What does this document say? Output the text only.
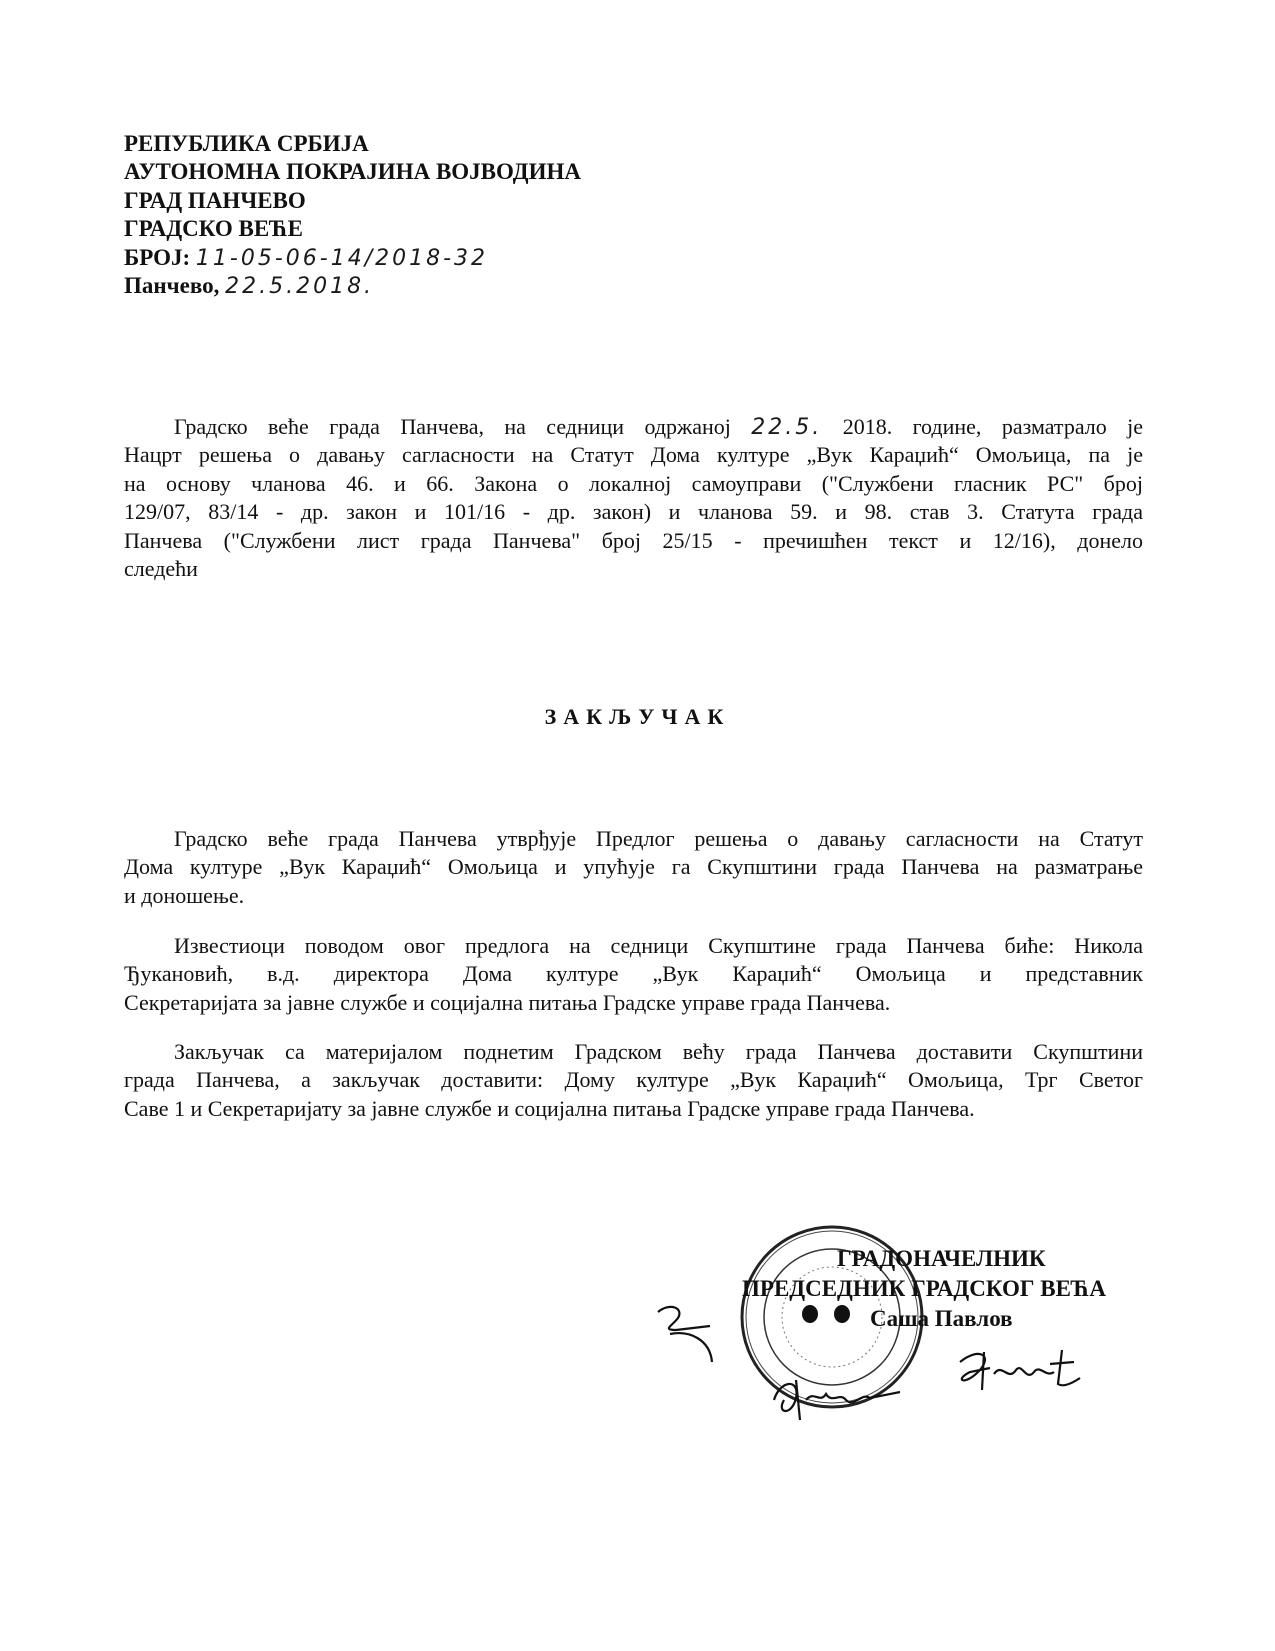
РЕПУБЛИКА СРБИЈА
АУТОНОМНА ПОКРАЈИНА ВОЈВОДИНА
ГРАД ПАНЧЕВО
ГРАДСКО ВЕЋЕ
БРОЈ: 11-05-06-14/2018-32
Панчево, 22.5.2018.
Градско веће града Панчева, на седници одржаној 22.5. 2018. године, разматрало је
Нацрт решења о давању сагласности на Статут Дома културе „Вук Караџић“ Омољица, па је
на основу чланова 46. и 66. Закона о локалној самоуправи ("Службени гласник РС" број
129/07, 83/14 - др. закон и 101/16 - др. закон) и чланова 59. и 98. став 3. Статута града
Панчева ("Службени лист града Панчева" број 25/15 - пречишћен текст и 12/16), донело
следећи
ЗАКЉУЧАК
Градско веће града Панчева утврђује Предлог решења о давању сагласности на Статут
Дома културе „Вук Караџић“ Омољица и упућује га Скупштини града Панчева на разматрање
и доношење.
Известиоци поводом овог предлога на седници Скупштине града Панчева биће: Никола
Ђукановић, в.д. директора Дома културе „Вук Караџић“ Омољица и представник
Секретаријата за јавне службе и социјална питања Градске управе града Панчева.
Закључак са материјалом поднетим Градском већу града Панчева доставити Скупштини
града Панчева, а закључак доставити: Дому културе „Вук Караџић“ Омољица, Трг Светог
Саве 1 и Секретаријату за јавне службе и социјална питања Градске управе града Панчева.
ГРАДОНАЧЕЛНИК
ПРЕДСЕДНИК ГРАДСКОГ ВЕЋА
Саша Павлов
